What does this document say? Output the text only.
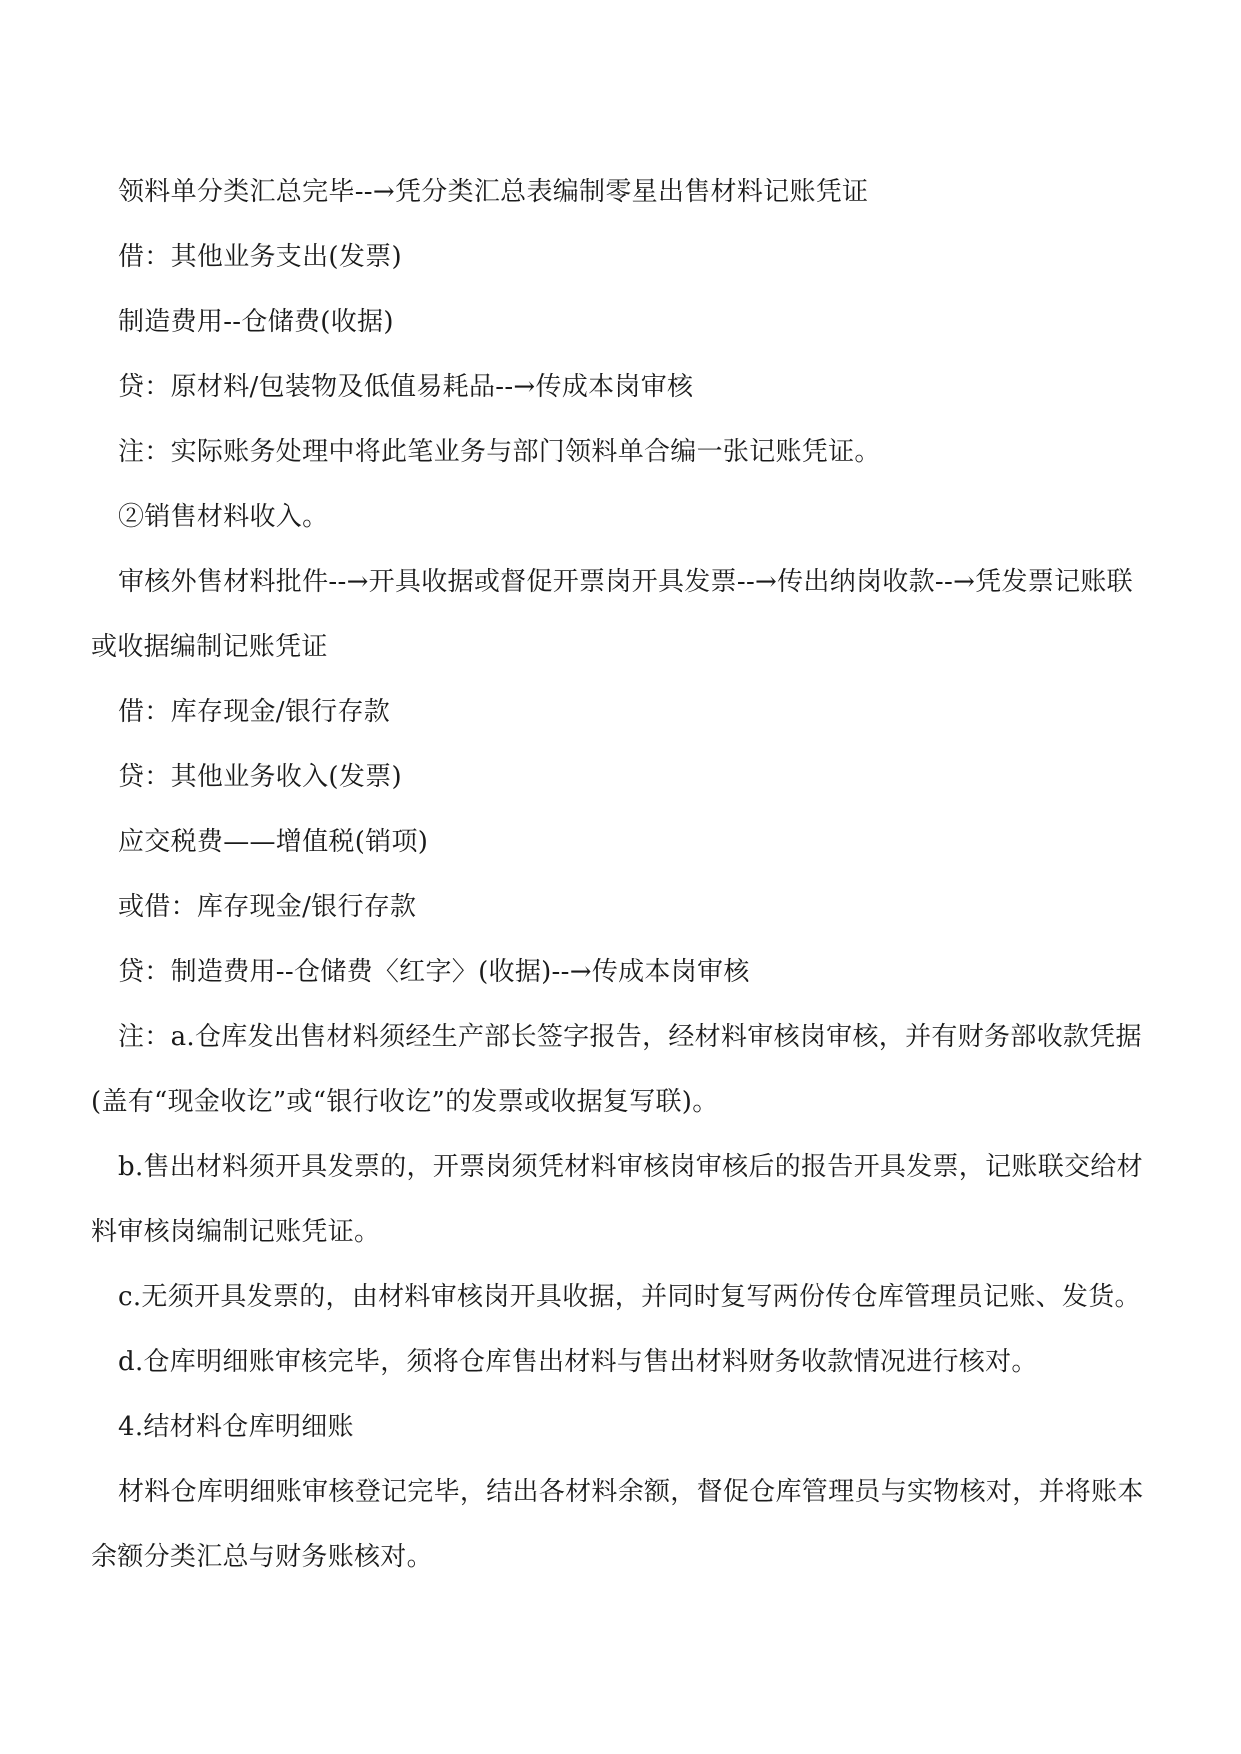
领料单分类汇总完毕--→凭分类汇总表编制零星出售材料记账凭证

借：其他业务支出(发票)

制造费用--仓储费(收据)

贷：原材料/包装物及低值易耗品--→传成本岗审核

注：实际账务处理中将此笔业务与部门领料单合编一张记账凭证。

②销售材料收入。

审核外售材料批件--→开具收据或督促开票岗开具发票--→传出纳岗收款--→凭发票记账联或收据编制记账凭证

借：库存现金/银行存款

贷：其他业务收入(发票)

应交税费——增值税(销项)

或借：库存现金/银行存款

贷：制造费用--仓储费〈红字〉(收据)--→传成本岗审核

注：a.仓库发出售材料须经生产部长签字报告，经材料审核岗审核，并有财务部收款凭据(盖有“现金收讫”或“银行收讫”的发票或收据复写联)。

b.售出材料须开具发票的，开票岗须凭材料审核岗审核后的报告开具发票，记账联交给材料审核岗编制记账凭证。

c.无须开具发票的，由材料审核岗开具收据，并同时复写两份传仓库管理员记账、发货。

d.仓库明细账审核完毕，须将仓库售出材料与售出材料财务收款情况进行核对。

4.结材料仓库明细账

材料仓库明细账审核登记完毕，结出各材料余额，督促仓库管理员与实物核对，并将账本余额分类汇总与财务账核对。
